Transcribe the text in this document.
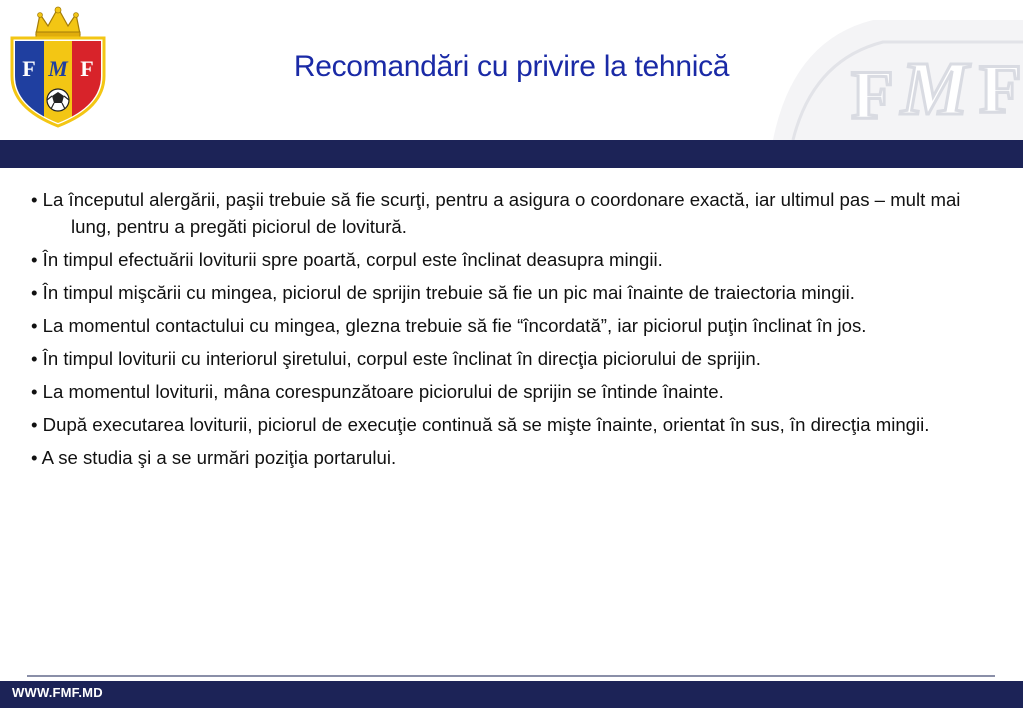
F M F	F M F
Recomandări cu privire la tehnică
• La începutul alergării, paşii trebuie să fie scurţi, pentru a asigura o coordonare exactă, iar ultimul pas – mult mai lung, pentru a pregăti piciorul de lovitură.
• În timpul efectuării loviturii spre poartă, corpul este înclinat deasupra mingii.
• În timpul mişcării cu mingea, piciorul de sprijin trebuie să fie un pic mai înainte de traiectoria mingii.
• La momentul contactului cu mingea, glezna trebuie să fie “încordată”, iar piciorul puţin înclinat în jos.
• În timpul loviturii cu interiorul şiretului, corpul este înclinat în direcţia piciorului de sprijin.
• La momentul loviturii, mâna corespunzătoare piciorului de sprijin se întinde înainte.
• După executarea loviturii, piciorul de execuţie continuă să se mişte înainte, orientat în sus, în direcţia mingii.
• A se studia şi a se urmări poziţia portarului.
WWW.FMF.MD
